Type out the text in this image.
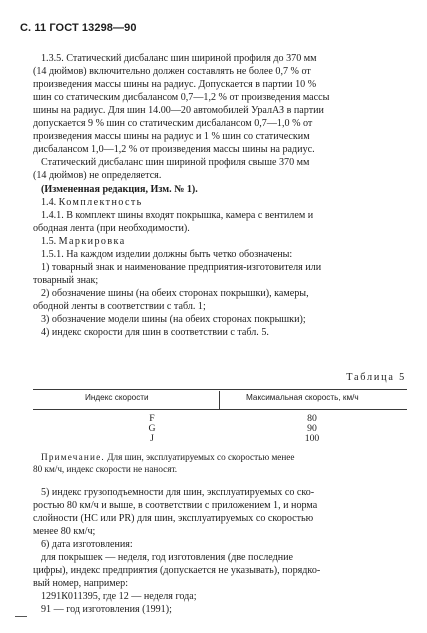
С. 11 ГОСТ 13298—90
1.3.5. Статический дисбаланс шин шириной профиля до 370 мм
(14 дюймов) включительно должен составлять не более 0,7 % от
произведения массы шины на радиус. Допускается в партии 10 %
шин со статическим дисбалансом 0,7—1,2 % от произведения массы
шины на радиус. Для шин 14.00—20 автомобилей УралАЗ в партии
допускается 9 % шин со статическим дисбалансом 0,7—1,0 % от
произведения массы шины на радиус и 1 % шин со статическим
дисбалансом 1,0—1,2 % от произведения массы шины на радиус.
Статический дисбаланс шин шириной профиля свыше 370 мм
(14 дюймов) не определяется.
(Измененная редакция, Изм. № 1).
1.4. Комплектность
1.4.1. В комплект шины входят покрышка, камера с вентилем и
ободная лента (при необходимости).
1.5. Маркировка
1.5.1. На каждом изделии должны быть четко обозначены:
1) товарный знак и наименование предприятия-изготовителя или
товарный знак;
2) обозначение шины (на обеих сторонах покрышки), камеры,
ободной ленты в соответствии с табл. 1;
3) обозначение модели шины (на обеих сторонах покрышки);
4) индекс скорости для шин в соответствии с табл. 5.
Таблица 5
Индекс скорости	Максимальная скорость, км/ч
F	80
G	90
J	100
Примечание. Для шин, эксплуатируемых со скоростью менее
80 км/ч, индекс скорости не наносят.
5) индекс грузоподъемности для шин, эксплуатируемых со ско-
ростью 80 км/ч и выше, в соответствии с приложением 1, и норма
слойности (НС или PR) для шин, эксплуатируемых со скоростью
менее 80 км/ч;
6) дата изготовления:
для покрышек — неделя, год изготовления (две последние
цифры), индекс предприятия (допускается не указывать), порядко-
вый номер, например:
1291К011395, где 12 — неделя года;
91 — год изготовления (1991);
